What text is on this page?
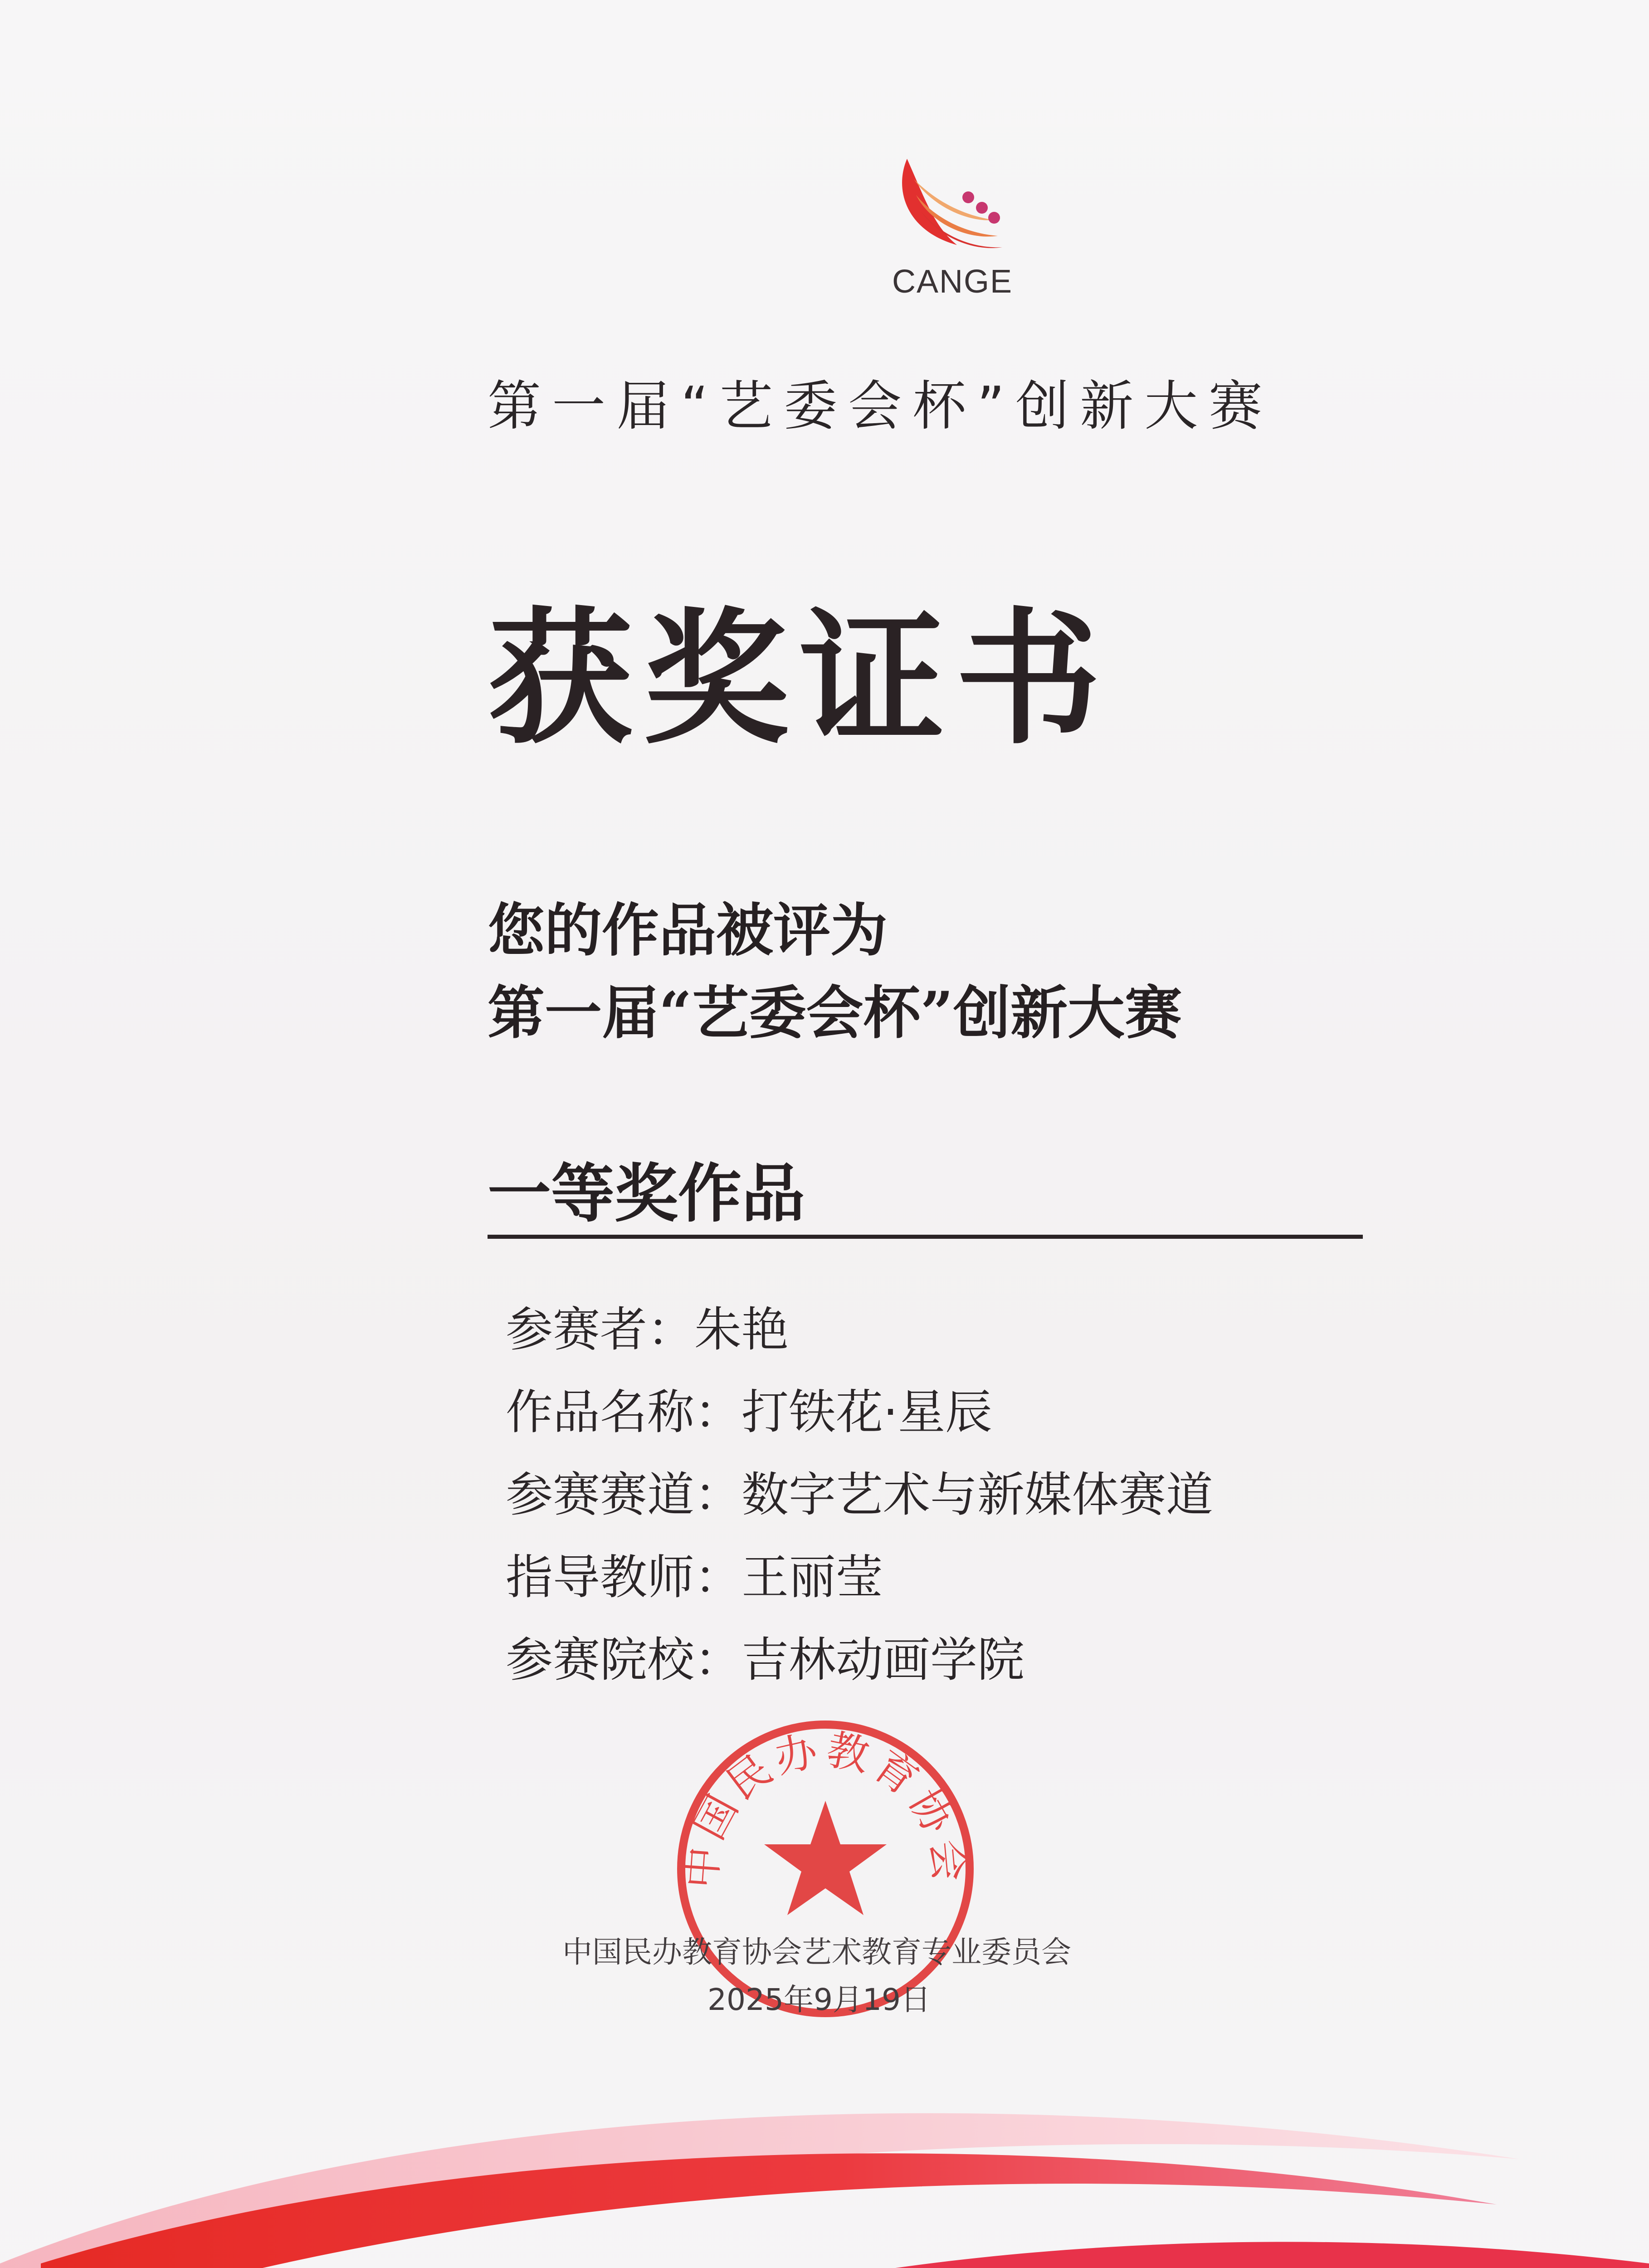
CANGE
第一届“艺委会杯”创新大赛
获奖证书
您的作品被评为
第一届“艺委会杯”创新大赛
一等奖作品
参赛者：朱艳
作品名称：打铁花·星辰
参赛赛道：数字艺术与新媒体赛道
指导教师：王丽莹
参赛院校：吉林动画学院
中国民办教育协会
中国民办教育协会艺术教育专业委员会
2025年9月19日
